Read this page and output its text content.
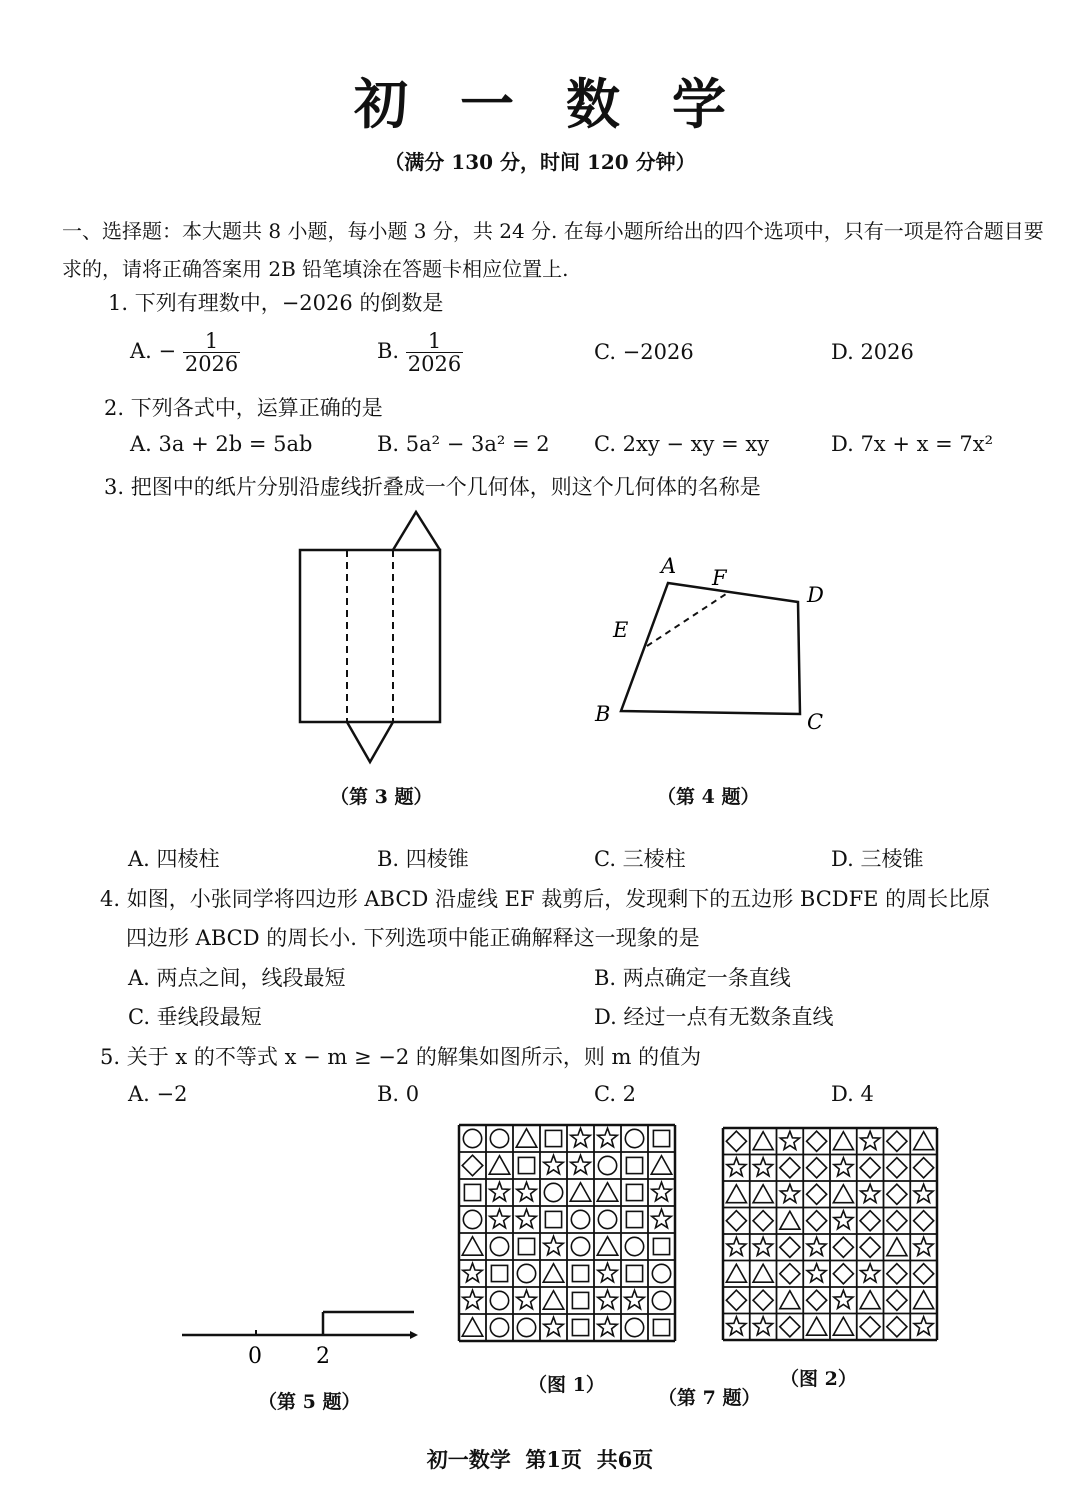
初一数学
（满分 130 分，时间 120 分钟）
一、选择题：本大题共 8 小题，每小题 3 分，共 24 分. 在每小题所给出的四个选项中，只有一项是符合题目要求的，请将正确答案用 2B 铅笔填涂在答题卡相应位置上.
1. 下列有理数中，−2026 的倒数是
A. − $\frac{1}{2026}$	B. $\frac{1}{2026}$	C. −2026	D. 2026
2. 下列各式中，运算正确的是
A. 3a + 2b = 5ab	B. 5a² − 3a² = 2 C. 2xy − xy = xy	D. 7x + x = 7x²
3. 把图中的纸片分别沿虚线折叠成一个几何体，则这个几何体的名称是
（第 3 题）
A F
D
E
B	C
（第 4 题）
A. 四棱柱	B. 四棱锥	C. 三棱柱	D. 三棱锥
4. 如图，小张同学将四边形 ABCD 沿虚线 EF 裁剪后，发现剩下的五边形 BCDFE 的周长比原
四边形 ABCD 的周长小. 下列选项中能正确解释这一现象的是
A. 两点之间，线段最短	B. 两点确定一条直线
C. 垂线段最短	D. 经过一点有无数条直线
5. 关于 x 的不等式 x − m ≥ −2 的解集如图所示，则 m 的值为
A. −2	B. 0	C. 2	D. 4
0 2
（第 5 题）
（图 1）	（图 2）
（第 7 题）
初一数学  第1页  共6页
